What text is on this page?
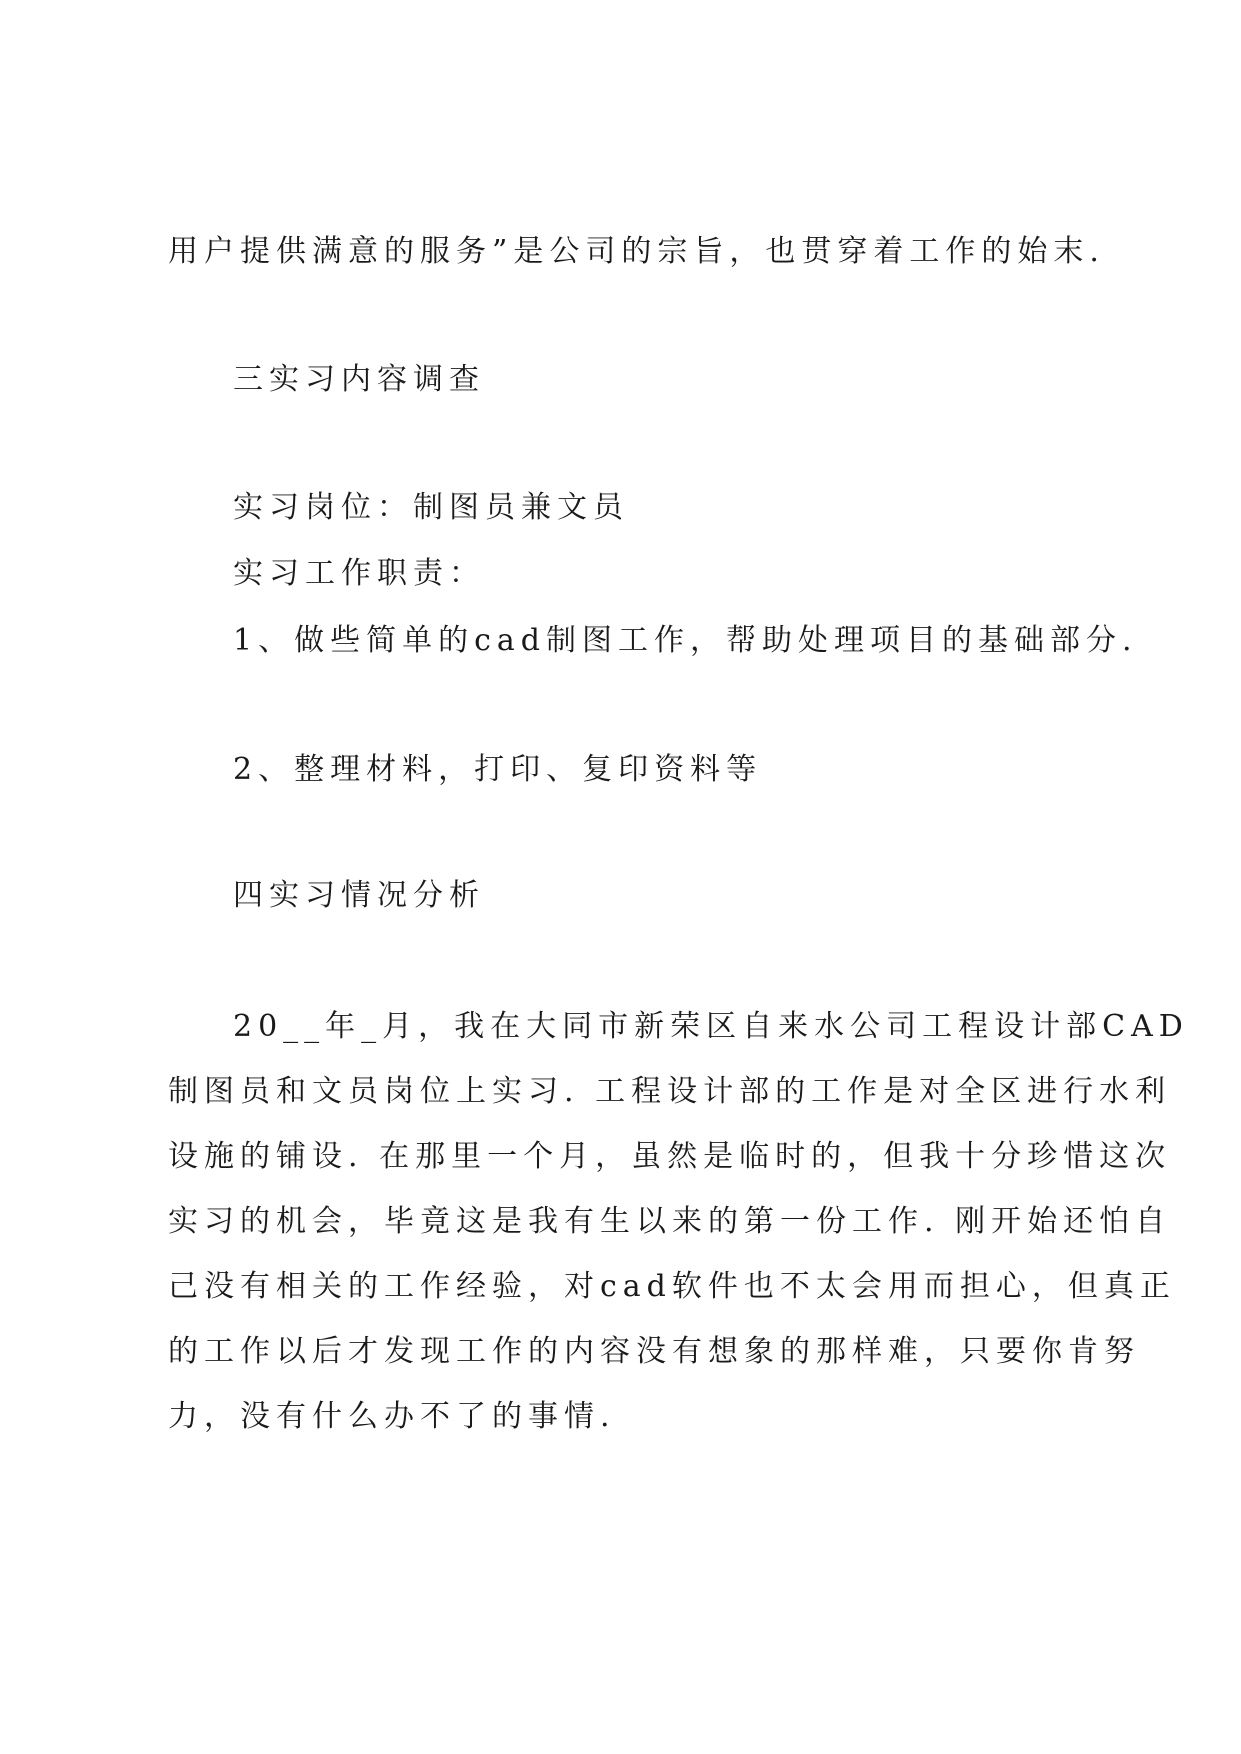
用户提供满意的服务”是公司的宗旨，也贯穿着工作的始末.
三实习内容调查
实习岗位：制图员兼文员
实习工作职责：
1、做些简单的cad制图工作，帮助处理项目的基础部分.
2、整理材料，打印、复印资料等
四实习情况分析
20__年_月，我在大同市新荣区自来水公司工程设计部CAD
制图员和文员岗位上实习. 工程设计部的工作是对全区进行水利
设施的铺设. 在那里一个月，虽然是临时的，但我十分珍惜这次
实习的机会，毕竟这是我有生以来的第一份工作. 刚开始还怕自
己没有相关的工作经验，对cad软件也不太会用而担心，但真正
的工作以后才发现工作的内容没有想象的那样难，只要你肯努
力，没有什么办不了的事情.
